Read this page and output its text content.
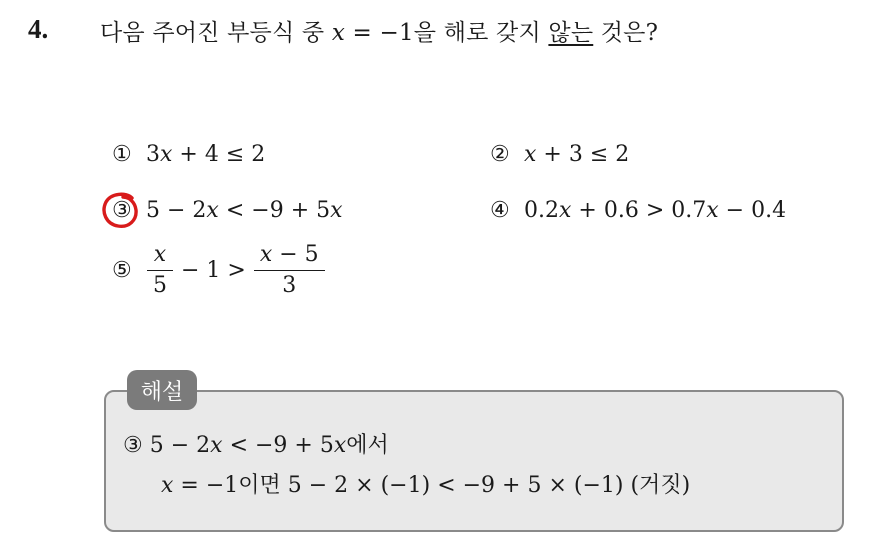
4. 다음 주어진 부등식 중 x = −1을 해로 갖지 않는 것은?
① 3x + 4 ≤ 2	② x + 3 ≤ 2
③ 5 − 2x < −9 + 5x	④ 0.2x + 0.6 > 0.7x − 0.4
⑤ $\frac{x}{5} - 1 > \frac{x - 5}{3}$
해설
③ 5 − 2x < −9 + 5x에서
x = −1이면 5 − 2 × (−1) < −9 + 5 × (−1) (거짓)
